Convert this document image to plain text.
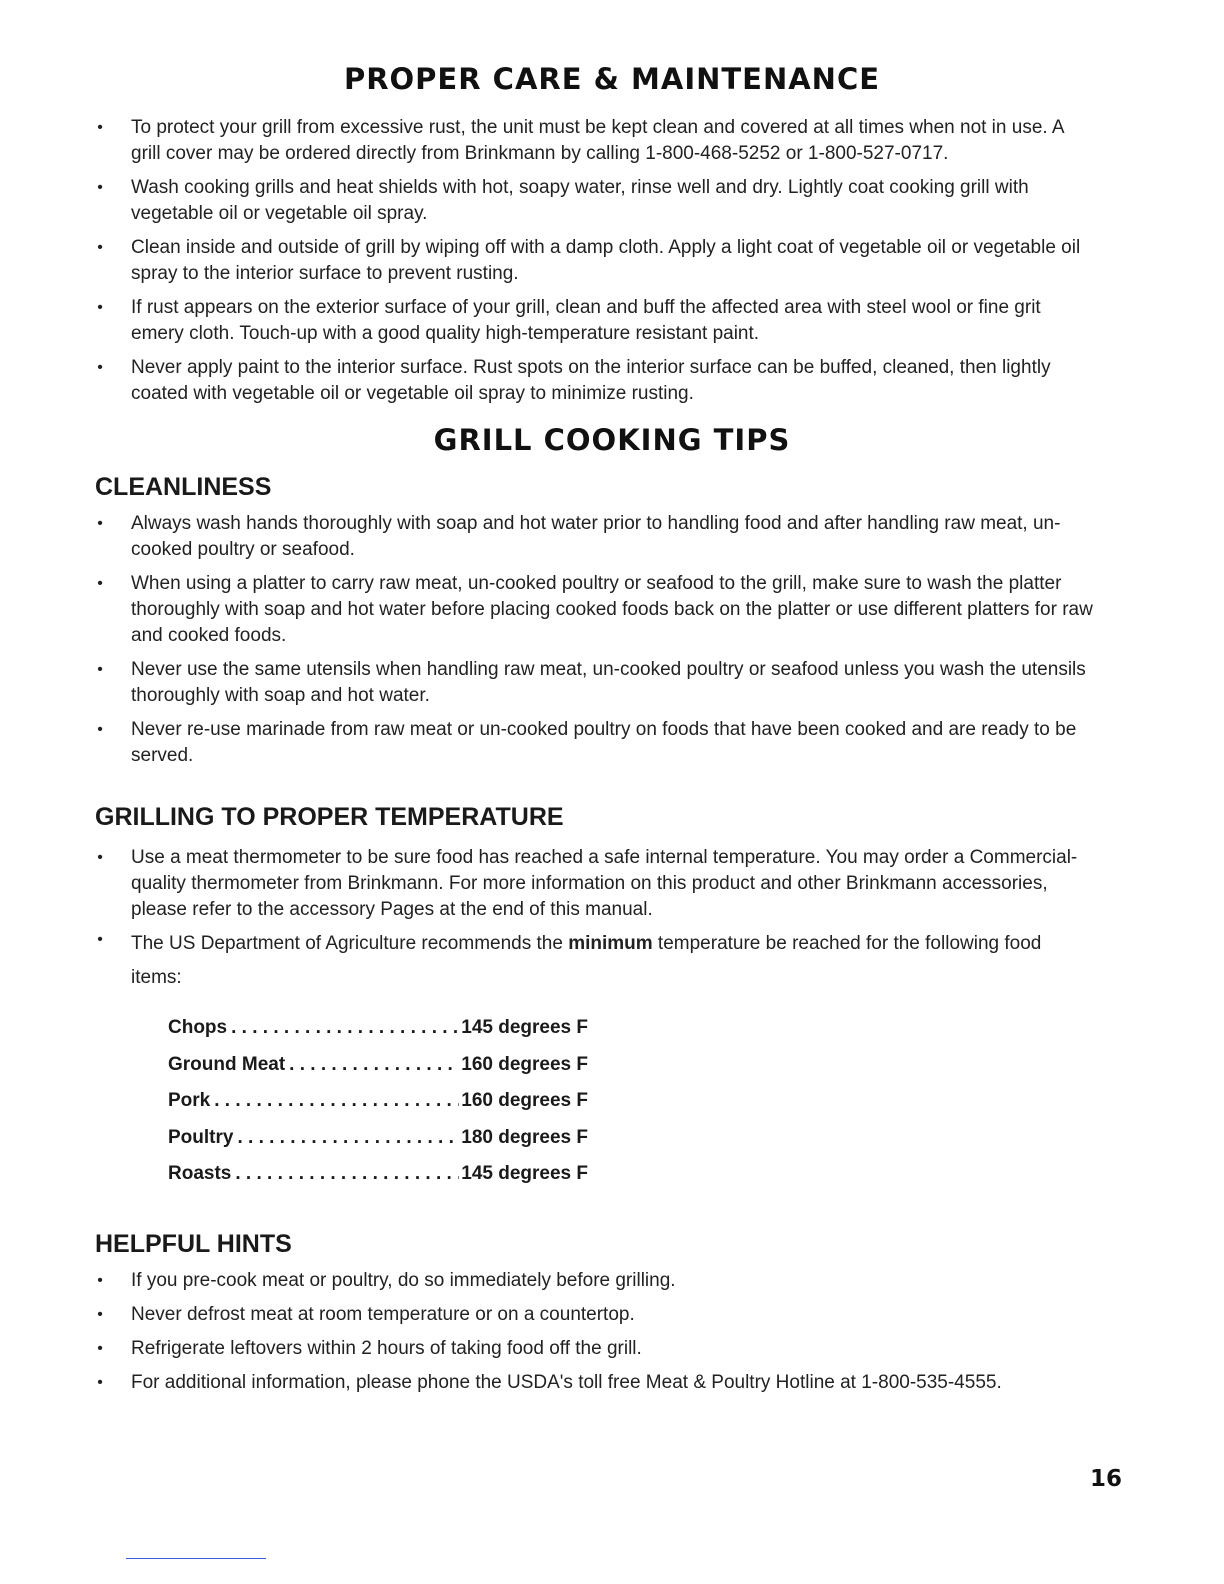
PROPER CARE & MAINTENANCE
• To protect your grill from excessive rust, the unit must be kept clean and covered at all times when not in use. A grill cover may be ordered directly from Brinkmann by calling 1-800-468-5252 or 1-800-527-0717.
• Wash cooking grills and heat shields with hot, soapy water, rinse well and dry. Lightly coat cooking grill with vegetable oil or vegetable oil spray.
• Clean inside and outside of grill by wiping off with a damp cloth. Apply a light coat of vegetable oil or vegetable oil spray to the interior surface to prevent rusting.
• If rust appears on the exterior surface of your grill, clean and buff the affected area with steel wool or fine grit emery cloth. Touch-up with a good quality high-temperature resistant paint.
• Never apply paint to the interior surface. Rust spots on the interior surface can be buffed, cleaned, then lightly coated with vegetable oil or vegetable oil spray to minimize rusting.
GRILL COOKING TIPS
CLEANLINESS
• Always wash hands thoroughly with soap and hot water prior to handling food and after handling raw meat, un-cooked poultry or seafood.
• When using a platter to carry raw meat, un-cooked poultry or seafood to the grill, make sure to wash the platter thoroughly with soap and hot water before placing cooked foods back on the platter or use different platters for raw and cooked foods.
• Never use the same utensils when handling raw meat, un-cooked poultry or seafood unless you wash the utensils thoroughly with soap and hot water.
• Never re-use marinade from raw meat or un-cooked poultry on foods that have been cooked and are ready to be served.
GRILLING TO PROPER TEMPERATURE
• Use a meat thermometer to be sure food has reached a safe internal temperature. You may order a Commercial-quality thermometer from Brinkmann. For more information on this product and other Brinkmann accessories, please refer to the accessory Pages at the end of this manual.
• The US Department of Agriculture recommends the minimum temperature be reached for the following food items:
Chops . . .	145 degrees F
Ground Meat . . .	160 degrees F
Pork . . .	160 degrees F
Poultry . . .	180 degrees F
Roasts . . .	145 degrees F
HELPFUL HINTS
• If you pre-cook meat or poultry, do so immediately before grilling.
• Never defrost meat at room temperature or on a countertop.
• Refrigerate leftovers within 2 hours of taking food off the grill.
• For additional information, please phone the USDA's toll free Meat & Poultry Hotline at 1-800-535-4555.
16
